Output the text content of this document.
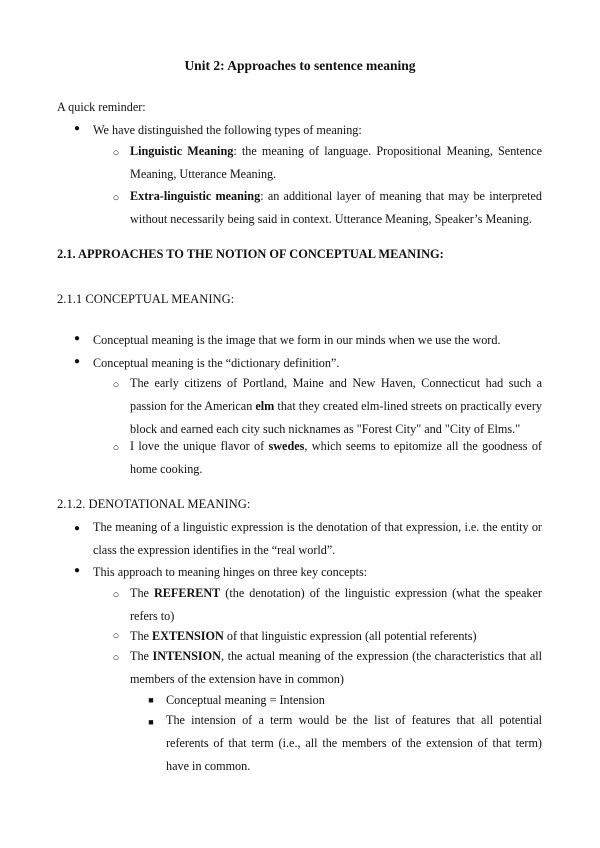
Unit 2: Approaches to sentence meaning
A quick reminder:
●	We have distinguished the following types of meaning:
○ Linguistic Meaning: the meaning of language. Propositional Meaning, Sentence Meaning, Utterance Meaning.
○ Extra-linguistic meaning: an additional layer of meaning that may be interpreted without necessarily being said in context. Utterance Meaning, Speaker’s Meaning.
2.1. APPROACHES TO THE NOTION OF CONCEPTUAL MEANING:
2.1.1 CONCEPTUAL MEANING:
●	Conceptual meaning is the image that we form in our minds when we use the word.
●	Conceptual meaning is the “dictionary definition”.
○ The early citizens of Portland, Maine and New Haven, Connecticut had such a passion for the American elm that they created elm-lined streets on practically every block and earned each city such nicknames as "Forest City" and "City of Elms."
○ I love the unique flavor of swedes, which seems to epitomize all the goodness of home cooking.
2.1.2. DENOTATIONAL MEANING:
●	The meaning of a linguistic expression is the denotation of that expression, i.e. the entity or class the expression identifies in the “real world”.
●	This approach to meaning hinges on three key concepts:
○ The REFERENT (the denotation) of the linguistic expression (what the speaker refers to)
○ The EXTENSION of that linguistic expression (all potential referents)
○ The INTENSION, the actual meaning of the expression (the characteristics that all members of the extension have in common)
■	Conceptual meaning = Intension
■	The intension of a term would be the list of features that all potential referents of that term (i.e., all the members of the extension of that term) have in common.
